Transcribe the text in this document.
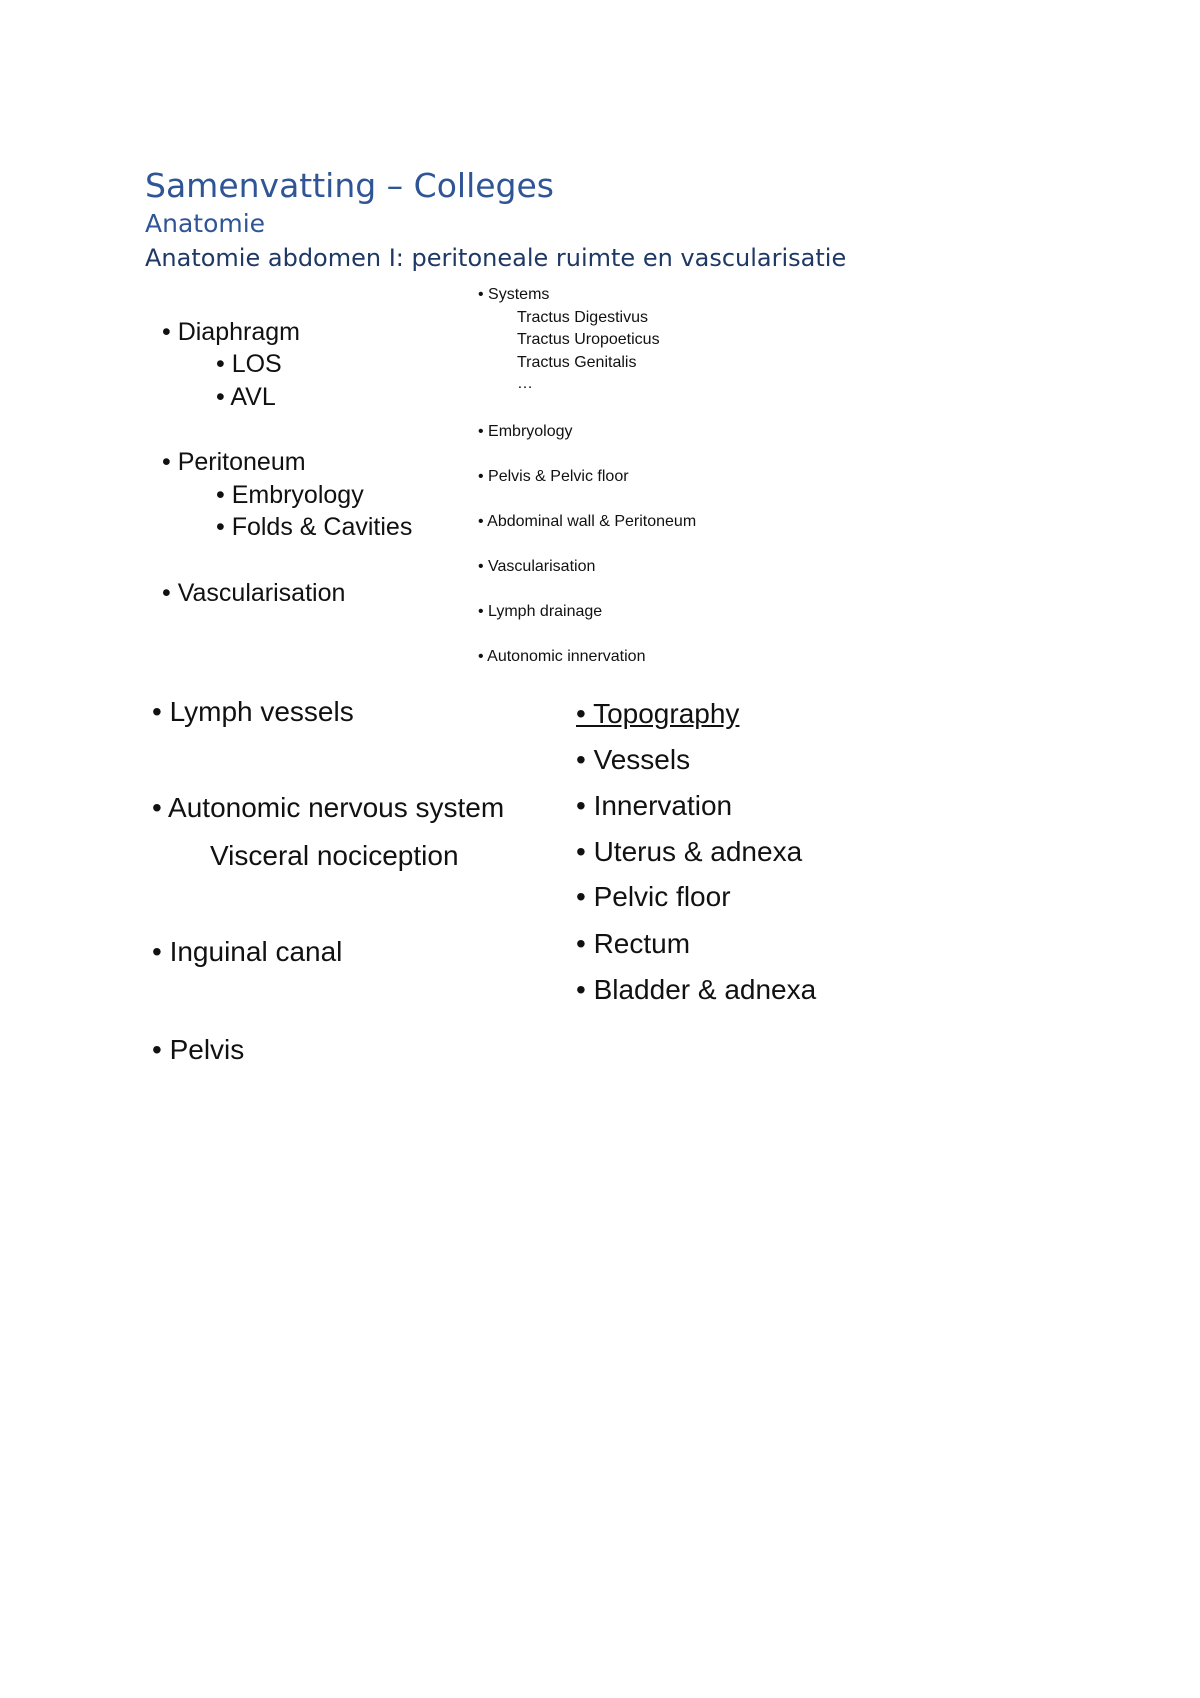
Samenvatting – Colleges
Anatomie
Anatomie abdomen I: peritoneale ruimte en vascularisatie
• Diaphragm
• LOS
• AVL
• Peritoneum
• Embryology
• Folds & Cavities
• Vascularisation
• Systems
Tractus Digestivus
Tractus Uropoeticus
Tractus Genitalis
…
• Embryology
• Pelvis & Pelvic floor
• Abdominal wall & Peritoneum
• Vascularisation
• Lymph drainage
• Autonomic innervation
• Lymph vessels
• Autonomic nervous system
Visceral nociception
• Inguinal canal
• Pelvis
• Topography
• Vessels
• Innervation
• Uterus & adnexa
• Pelvic floor
• Rectum
• Bladder & adnexa
